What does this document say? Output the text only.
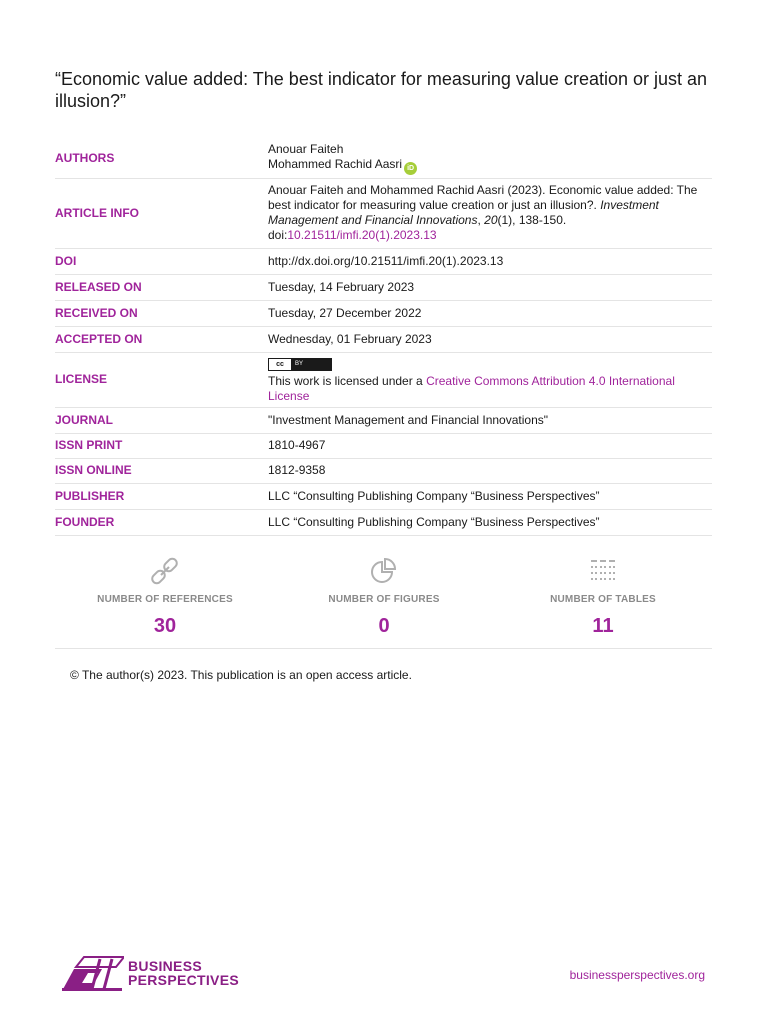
“Economic value added: The best indicator for measuring value creation or just an illusion?”
AUTHORS	Anouar Faiteh
Mohammed Rachid Aasri iD

ARTICLE INFO	Anouar Faiteh and Mohammed Rachid Aasri (2023). Economic value added: The best indicator for measuring value creation or just an illusion?. Investment Management and Financial Innovations, 20(1), 138-150.
doi:10.21511/imfi.20(1).2023.13
DOI	http://dx.doi.org/10.21511/imfi.20(1).2023.13
RELEASED ON	Tuesday, 14 February 2023
RECEIVED ON	Tuesday, 27 December 2022
ACCEPTED ON	Wednesday, 01 February 2023
LICENSE	cc BY
This work is licensed under a Creative Commons Attribution 4.0 International License

JOURNAL	"Investment Management and Financial Innovations"
ISSN PRINT	1810-4967
ISSN ONLINE	1812-9358
PUBLISHER	LLC “Consulting Publishing Company “Business Perspectives”
FOUNDER	LLC “Consulting Publishing Company “Business Perspectives”
NUMBER OF REFERENCES
30
NUMBER OF FIGURES
0
NUMBER OF TABLES
11
© The author(s) 2023. This publication is an open access article.
BUSINESS
PERSPECTIVES	businessperspectives.org
